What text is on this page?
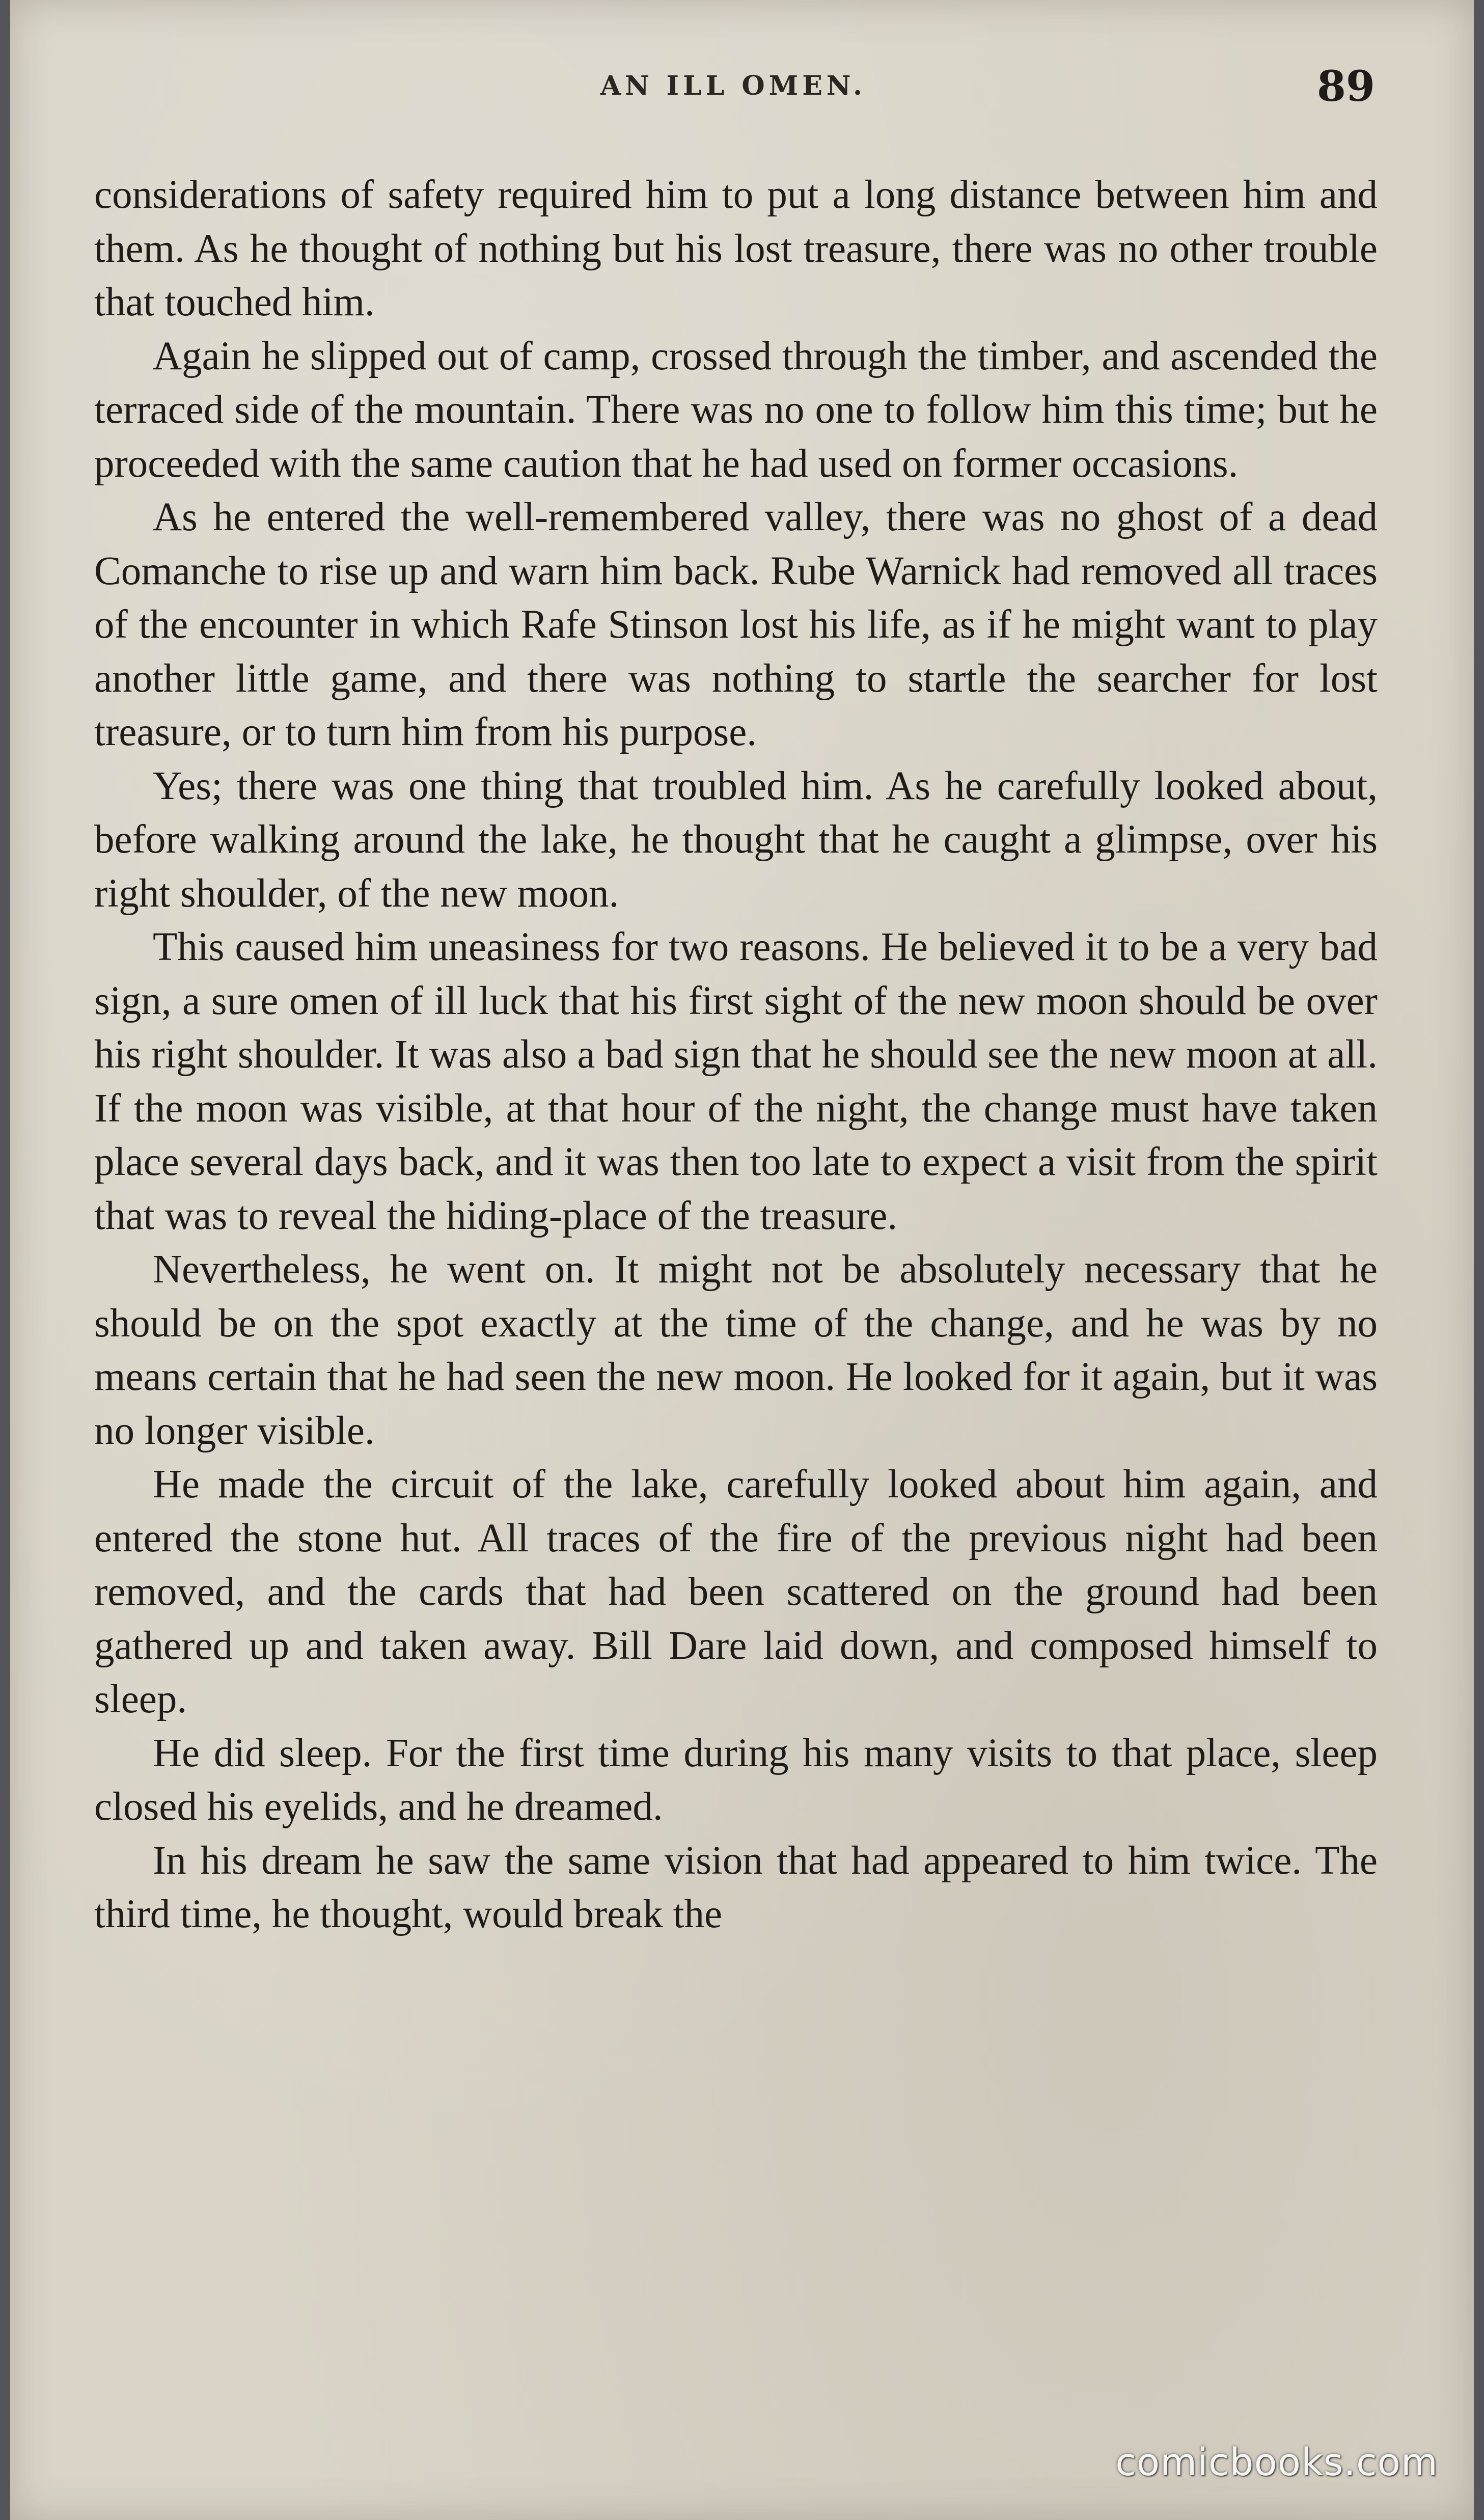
AN ILL OMEN.	89

considerations of safety required him to put a long distance between him and them. As he thought of nothing but his lost treasure, there was no other trouble that touched him.

Again he slipped out of camp, crossed through the timber, and ascended the terraced side of the mountain. There was no one to follow him this time; but he proceeded with the same caution that he had used on former occasions.

As he entered the well-remembered valley, there was no ghost of a dead Comanche to rise up and warn him back. Rube Warnick had removed all traces of the encounter in which Rafe Stinson lost his life, as if he might want to play another little game, and there was nothing to startle the searcher for lost treasure, or to turn him from his purpose.

Yes; there was one thing that troubled him. As he carefully looked about, before walking around the lake, he thought that he caught a glimpse, over his right shoulder, of the new moon.

This caused him uneasiness for two reasons. He believed it to be a very bad sign, a sure omen of ill luck that his first sight of the new moon should be over his right shoulder. It was also a bad sign that he should see the new moon at all. If the moon was visible, at that hour of the night, the change must have taken place several days back, and it was then too late to expect a visit from the spirit that was to reveal the hiding-place of the treasure.

Nevertheless, he went on. It might not be absolutely necessary that he should be on the spot exactly at the time of the change, and he was by no means certain that he had seen the new moon. He looked for it again, but it was no longer visible.

He made the circuit of the lake, carefully looked about him again, and entered the stone hut. All traces of the fire of the previous night had been removed, and the cards that had been scattered on the ground had been gathered up and taken away. Bill Dare laid down, and composed himself to sleep.

He did sleep. For the first time during his many visits to that place, sleep closed his eyelids, and he dreamed.

In his dream he saw the same vision that had appeared to him twice. The third time, he thought, would break the

comicbooks.com
